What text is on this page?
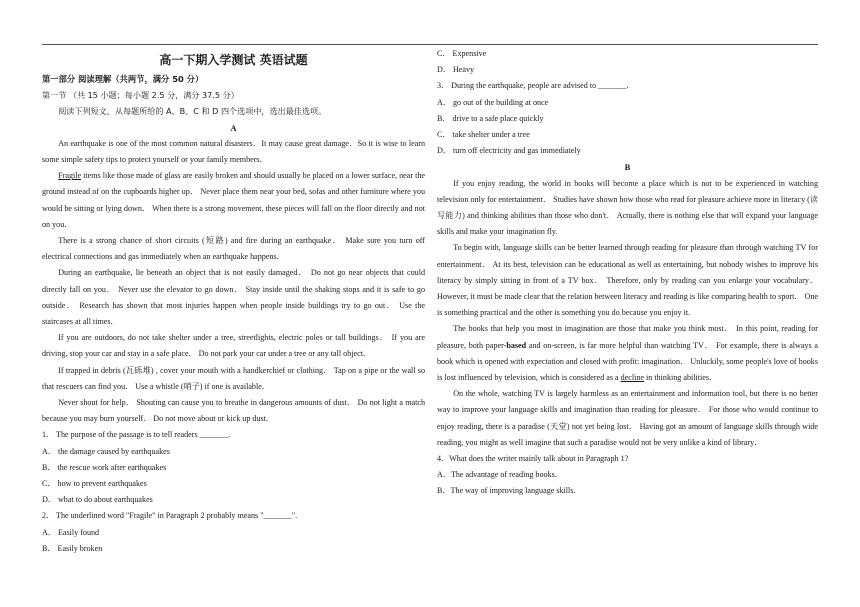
高一下期入学测试 英语试题

第一部分 阅读理解（共两节，满分 50 分）

第一节 （共 15 小题；每小题 2.5 分，满分 37.5 分）

阅读下列短文，从每题所给的 A、B、C 和 D 四个选项中，选出最佳选项。

A

An earthquake is one of the most common natural disasters．It may cause great damage．So it is wise to learn some simple safety tips to protect yourself or your family members．

Fragile items like those made of glass are easily broken and should usually be placed on a lower surface, near the ground instead of on the cupboards higher up． Never place them near your bed, sofas and other furniture where you would be sitting or lying down． When there is a strong movement, these pieces will fall on the floor directly and not on you．

There is a strong chance of short circuits (短路) and fire during an earthquake． Make sure you turn off electrical connections and gas immediately when an earthquake happens．

During an earthquake, lie beneath an object that is not easily damaged． Do not go near objects that could directly fall on you． Never use the elevator to go down． Stay inside until the shaking stops and it is safe to go outside． Research has shown that most injuries happen when people inside buildings try to go out． Use the staircases at all times．

If you are outdoors, do not take shelter under a tree, streetlights, electric poles or tall buildings． If you are driving, stop your car and stay in a safe place． Do not park your car under a tree or any tall object．

If trapped in debris (瓦砾堆) , cover your mouth with a handkerchief or clothing． Tap on a pipe or the wall so that rescuers can find you． Use a whistle (哨子) if one is available．

Never shout for help． Shouting can cause you to breathe in dangerous amounts of dust． Do not light a match because you may burn yourself． Do not move about or kick up dust．

1． The purpose of the passage is to tell readers _______．

A． the damage caused by earthquakes

B． the rescue work after earthquakes

C． how to prevent earthquakes

D． what to do about earthquakes

2． The underlined word "Fragile" in Paragraph 2 probably means "_______".

A． Easily found

B． Easily broken

C． Expensive

D． Heavy

3． During the earthquake, people are advised to _______.

A． go out of the building at once

B． drive to a safe place quickly

C． take shelter under a tree

D． turn off electricity and gas immediately

B

If you enjoy reading, the world in books will become a place which is not to be experienced in watching television only for entertainment． Studies have shown how those who read for pleasure achieve more in literacy (读写能力) and thinking abilities than those who don't． Actually, there is nothing else that will expand your language skills and make your imagination fly.

To begin with, language skills can be better learned through reading for pleasure than through watching TV for entertainment． At its best, television can be educational as well as entertaining, but nobody wishes to improve his literacy by simply sitting in front of a TV box． Therefore, only by reading can you enlarge your vocabulary． However, it must be made clear that the relation between literacy and reading is like comparing health to sport． One is something practical and the other is something you do because you enjoy it.

The books that help you most in imagination are those that make you think most． In this point, reading for pleasure, both paper-based and on-screen, is far more helpful than watching TV． For example, there is always a book which is opened with expectation and closed with profit: imagination． Unluckily, some people's love of books is lost influenced by television, which is considered as a decline in thinking abilities．

On the whole, watching TV is largely harmless as an entertainment and information tool, but there is no better way to improve your language skills and imagination than reading for pleasure． For those who would continue to enjoy reading, there is a paradise (天堂) not yet being lost． Having got an amount of language skills through wide reading, you might as well imagine that such a paradise would not be very unlike a kind of library．

4．What does the writer mainly talk about in Paragraph 1?

A．The advantage of reading books．

B．The way of improving language skills．
